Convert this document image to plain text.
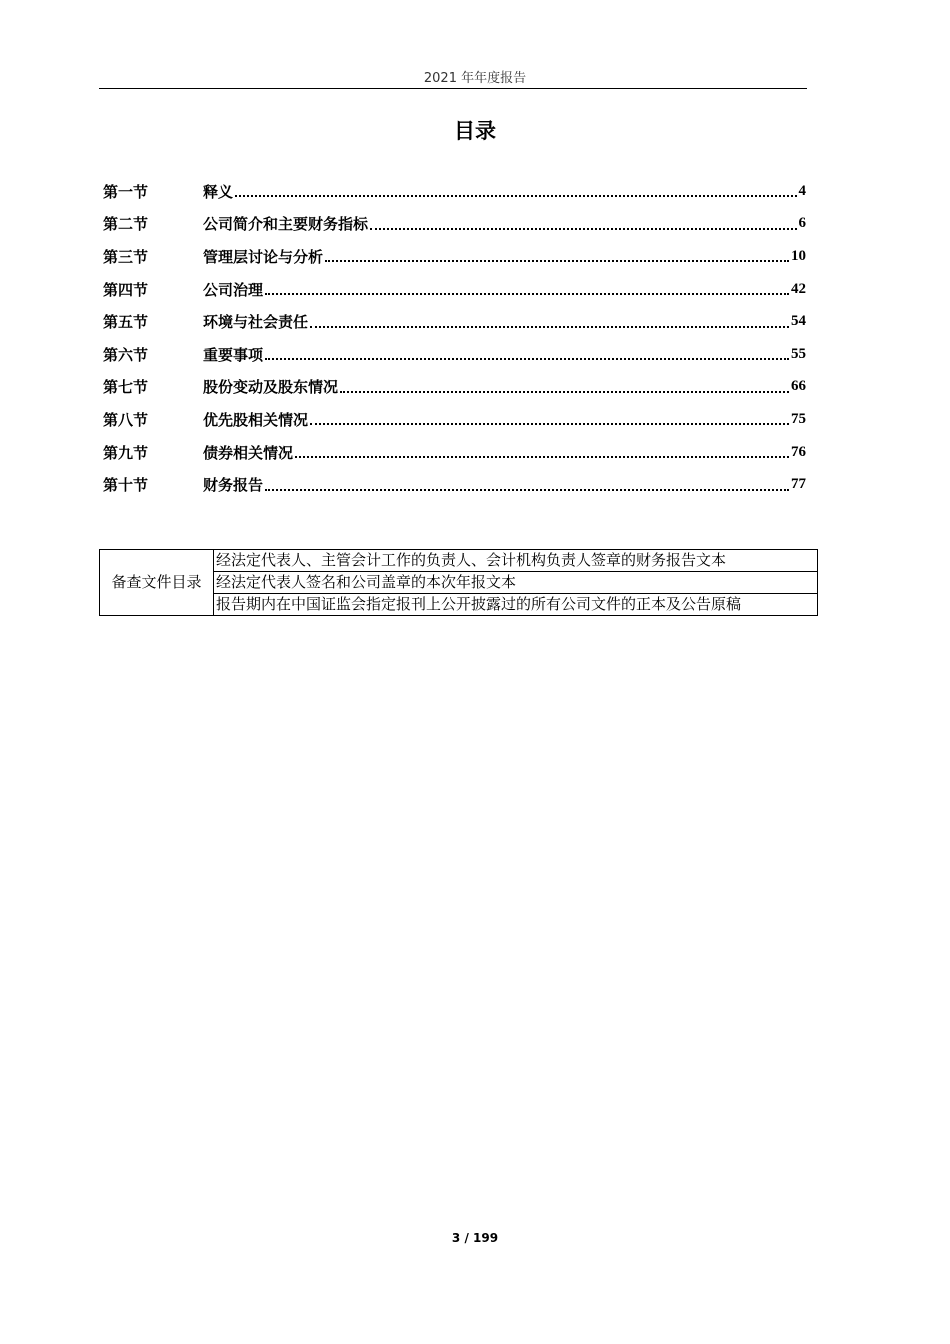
2021 年年度报告
目录
第一节	释义	4
第二节	公司简介和主要财务指标	6
第三节	管理层讨论与分析	10
第四节	公司治理	42
第五节	环境与社会责任	54
第六节	重要事项	55
第七节	股份变动及股东情况	66
第八节	优先股相关情况	75
第九节	债券相关情况	76
第十节	财务报告	77
备查文件目录	经法定代表人、主管会计工作的负责人、会计机构负责人签章的财务报告文本
经法定代表人签名和公司盖章的本次年报文本
报告期内在中国证监会指定报刊上公开披露过的所有公司文件的正本及公告原稿
3 / 199
